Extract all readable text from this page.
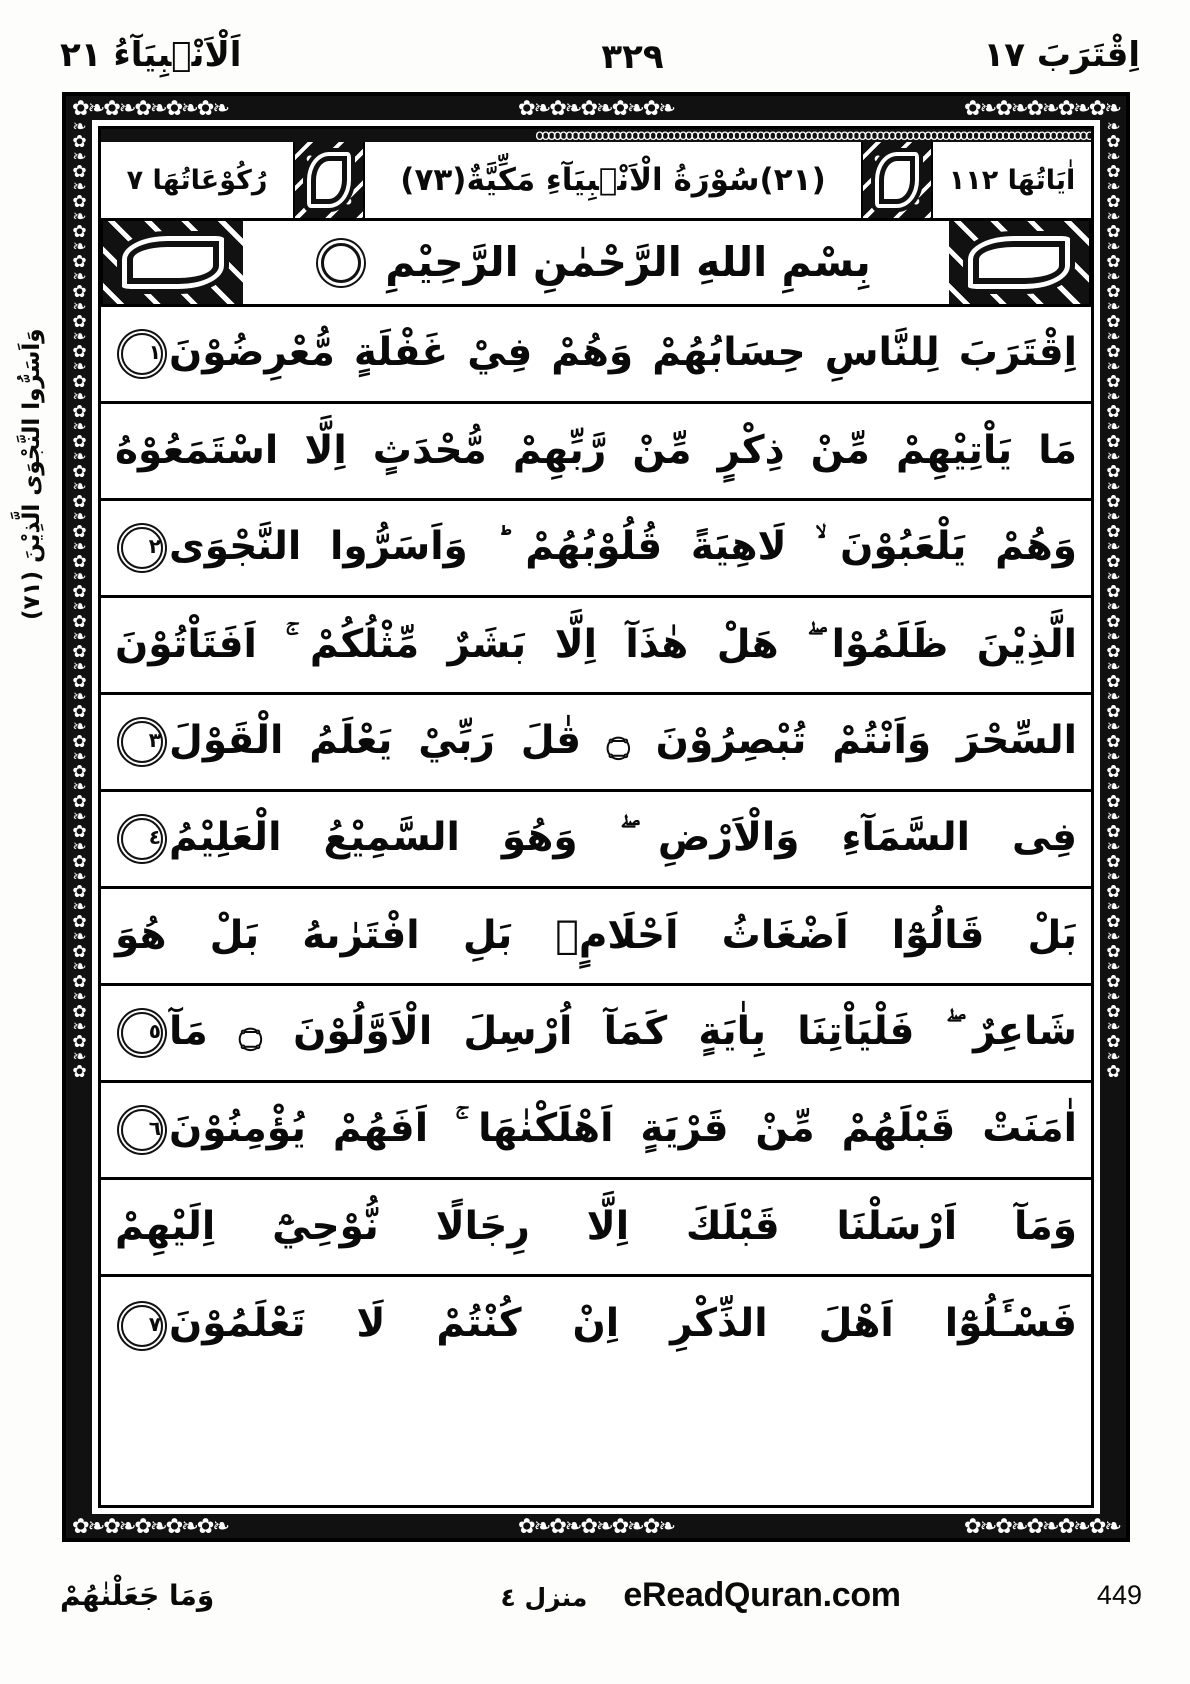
اِقْتَرَبَ ١٧
٣٢٩
اَلْاَنْۢبِيَآءُ ٢١
وَاَسَرُّوا النَّجْوَى الَّذِيْنَ (٧١)
✿❧✿❧✿❧✿❧✿❧	✿❧✿❧✿❧✿❧✿❧	✿❧✿❧✿❧✿❧✿❧
✿❧✿❧✿❧✿❧✿❧	✿❧✿❧✿❧✿❧✿❧	✿❧✿❧✿❧✿❧✿❧
❧✿❧✿❧✿❧✿❧✿❧✿❧✿❧✿❧✿❧✿❧✿❧✿❧✿❧✿❧✿❧✿❧✿❧✿❧✿❧✿❧✿❧✿❧✿❧✿❧✿❧✿❧✿❧✿❧✿❧✿❧✿❧✿
❧✿❧✿❧✿❧✿❧✿❧✿❧✿❧✿❧✿❧✿❧✿❧✿❧✿❧✿❧✿❧✿❧✿❧✿❧✿❧✿❧✿❧✿❧✿❧✿❧✿❧✿❧✿❧✿❧✿❧✿❧✿❧✿
ooooooooooooooooooooooooooooooooooooooooooooooooooooooooooooooooooooooooooooooooooooooooooooo
اٰيَاتُهَا ١١٢
(٢١)
سُوْرَةُ الْاَنْۢبِيَآءِ مَكِّيَّةٌ
(٧٣)
رُكُوْعَاتُهَا ٧
بِسْمِ اللهِ الرَّحْمٰنِ الرَّحِيْمِ
اِقْتَرَبَ لِلنَّاسِ حِسَابُهُمْ وَهُمْ فِيْ غَفْلَةٍ مُّعْرِضُوْنَ١
مَا يَاْتِيْهِمْ مِّنْ ذِكْرٍ مِّنْ رَّبِّهِمْ مُّحْدَثٍ اِلَّا اسْتَمَعُوْهُ
وَهُمْ يَلْعَبُوْنَ ۙ لَاهِيَةً قُلُوْبُهُمْ ؕ وَاَسَرُّوا النَّجْوَى٢
الَّذِيْنَ ظَلَمُوْا ۖ هَلْ هٰذَآ اِلَّا بَشَرٌ مِّثْلُكُمْ ۚ اَفَتَاْتُوْنَ
السِّحْرَ وَاَنْتُمْ تُبْصِرُوْنَ ۝ قٰلَ رَبِّيْ يَعْلَمُ الْقَوْلَ٣
فِى السَّمَآءِ وَالْاَرْضِ ۖ وَهُوَ السَّمِيْعُ الْعَلِيْمُ٤
بَلْ قَالُوْٓا اَضْغَاثُ اَحْلَامٍۭ بَلِ افْتَرٰىهُ بَلْ هُوَ
شَاعِرٌ ۖ فَلْيَاْتِنَا بِاٰيَةٍ كَمَآ اُرْسِلَ الْاَوَّلُوْنَ ۝ مَآ٥
اٰمَنَتْ قَبْلَهُمْ مِّنْ قَرْيَةٍ اَهْلَكْنٰهَا ۚ اَفَهُمْ يُؤْمِنُوْنَ٦
وَمَآ اَرْسَلْنَا قَبْلَكَ اِلَّا رِجَالًا نُّوْحِيْٓ اِلَيْهِمْ
فَسْـَٔلُوْٓا اَهْلَ الذِّكْرِ اِنْ كُنْتُمْ لَا تَعْلَمُوْنَ٧
وَمَا جَعَلْنٰهُمْ	منزل ٤ eReadQuran.com	449
